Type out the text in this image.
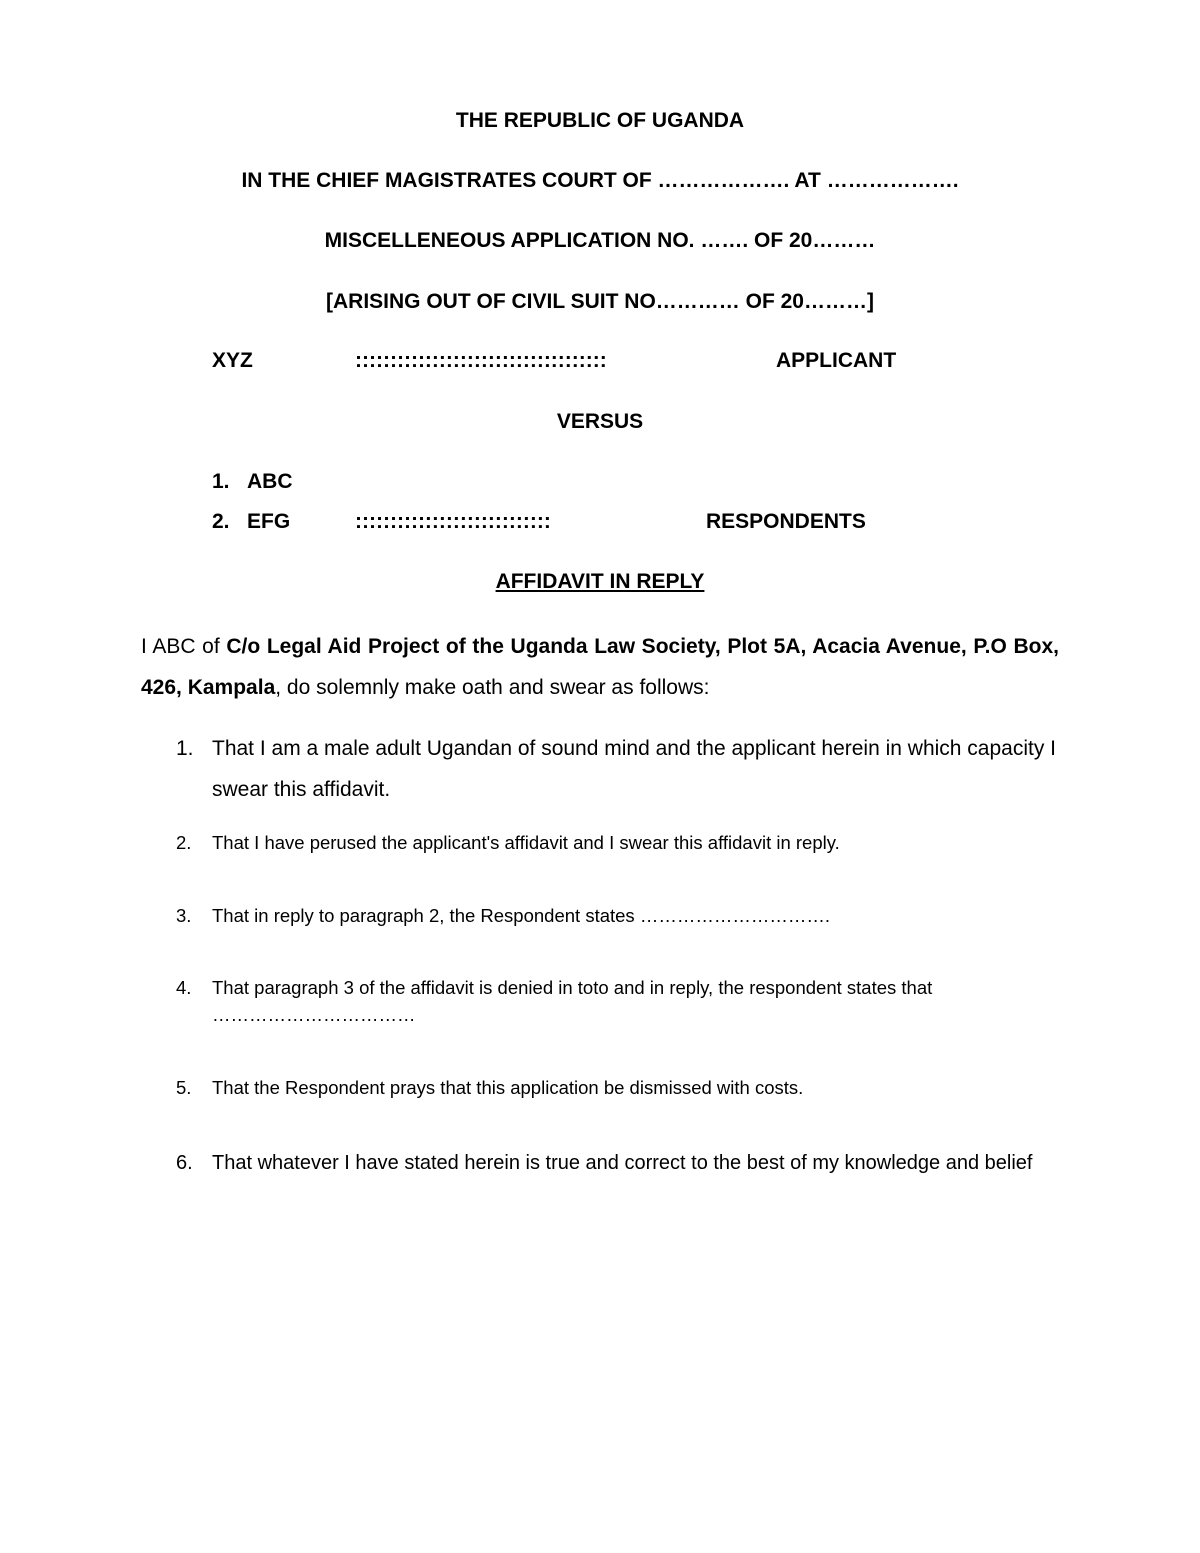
THE REPUBLIC OF UGANDA
IN THE CHIEF MAGISTRATES COURT OF ………………. AT ……………….
MISCELLENEOUS APPLICATION NO. ……. OF 20………
[ARISING OUT OF CIVIL SUIT NO………… OF 20………]
XYZ	::::::::::::::::::::::::::::::::::::	APPLICANT
VERSUS
1. ABC
2. EFG	::::::::::::::::::::::::::::	RESPONDENTS
AFFIDAVIT IN REPLY
I ABC of C/o Legal Aid Project of the Uganda Law Society, Plot 5A, Acacia Avenue, P.O Box, 426, Kampala, do solemnly make oath and swear as follows:
1. That I am a male adult Ugandan of sound mind and the applicant herein in which capacity I swear this affidavit.
2. That I have perused the applicant's affidavit and I swear this affidavit in reply.
3. That in reply to paragraph 2, the Respondent states ………………………….
4. That paragraph 3 of the affidavit is denied in toto and in reply, the respondent states that ……………………………
5. That the Respondent prays that this application be dismissed with costs.
6. That whatever I have stated herein is true and correct to the best of my knowledge and belief
